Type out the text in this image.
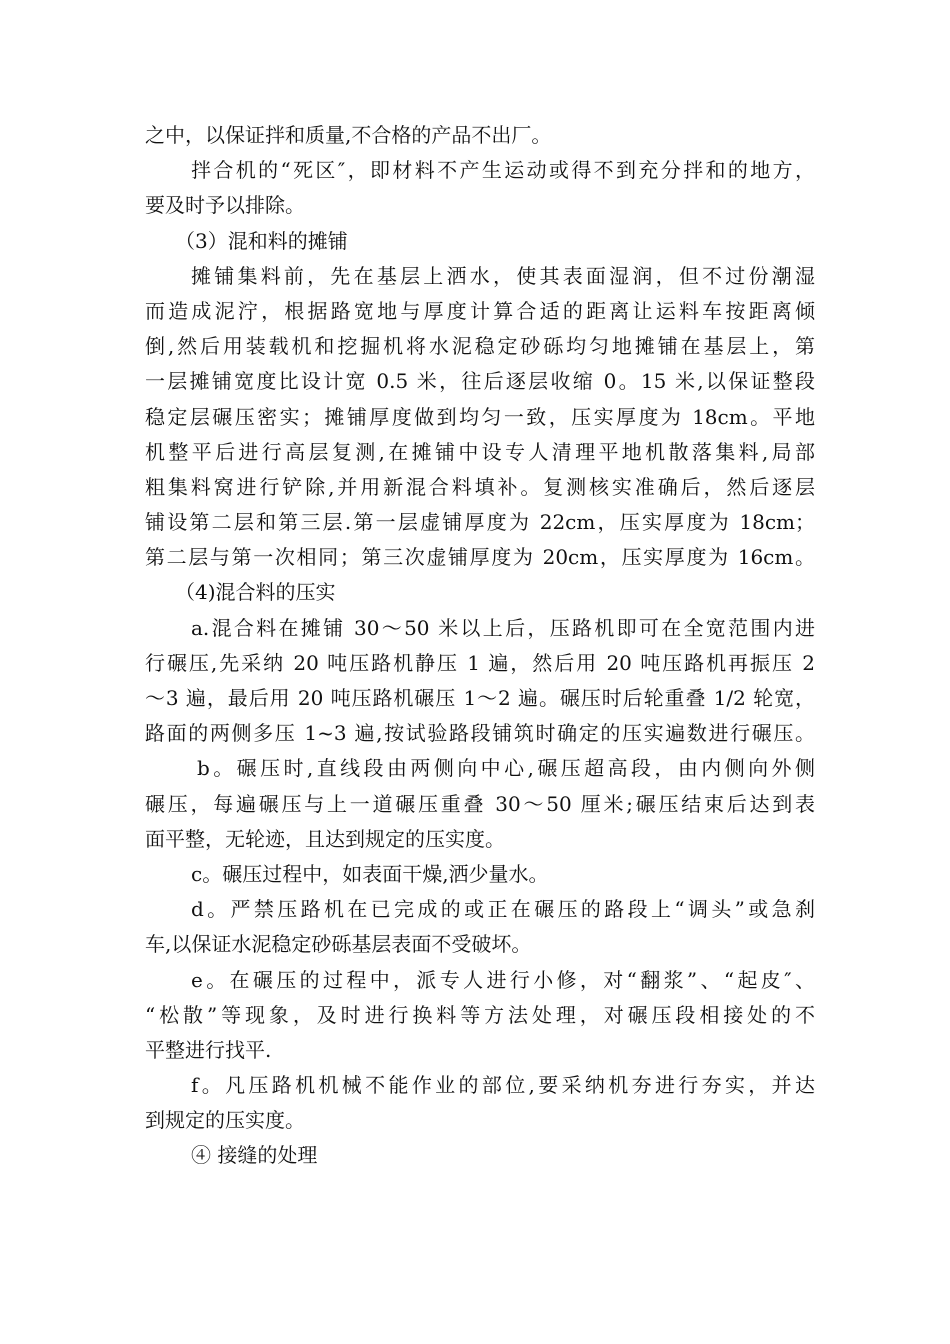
之中，以保证拌和质量,不合格的产品不出厂。
拌合机的“死区″，即材料不产生运动或得不到充分拌和的地方，
要及时予以排除。
（3）混和料的摊铺
摊铺集料前，先在基层上洒水，使其表面湿润，但不过份潮湿
而造成泥泞，根据路宽地与厚度计算合适的距离让运料车按距离倾
倒,然后用装载机和挖掘机将水泥稳定砂砾均匀地摊铺在基层上，第
一层摊铺宽度比设计宽 0.5 米，往后逐层收缩 0。15 米,以保证整段
稳定层碾压密实；摊铺厚度做到均匀一致，压实厚度为 18cm。平地
机整平后进行高层复测,在摊铺中设专人清理平地机散落集料,局部
粗集料窝进行铲除,并用新混合料填补。复测核实准确后，然后逐层
铺设第二层和第三层.第一层虚铺厚度为 22cm，压实厚度为 18cm；
第二层与第一次相同；第三次虚铺厚度为 20cm，压实厚度为 16cm。
（4)混合料的压实
a.混合料在摊铺 30～50 米以上后，压路机即可在全宽范围内进
行碾压,先采纳 20 吨压路机静压 1 遍，然后用 20 吨压路机再振压 2
～3 遍，最后用 20 吨压路机碾压 1～2 遍。碾压时后轮重叠 1/2 轮宽，
路面的两侧多压 1~3 遍,按试验路段铺筑时确定的压实遍数进行碾压。
b。碾压时,直线段由两侧向中心,碾压超高段，由内侧向外侧
碾压，每遍碾压与上一道碾压重叠 30～50 厘米;碾压结束后达到表
面平整，无轮迹，且达到规定的压实度。
c。碾压过程中，如表面干燥,洒少量水。
d。严禁压路机在已完成的或正在碾压的路段上“调头”或急刹
车,以保证水泥稳定砂砾基层表面不受破坏。
e。在碾压的过程中，派专人进行小修，对“翻浆”、“起皮″、
“松散”等现象，及时进行换料等方法处理，对碾压段相接处的不
平整进行找平.
f。凡压路机机械不能作业的部位,要采纳机夯进行夯实，并达
到规定的压实度。
④ 接缝的处理
